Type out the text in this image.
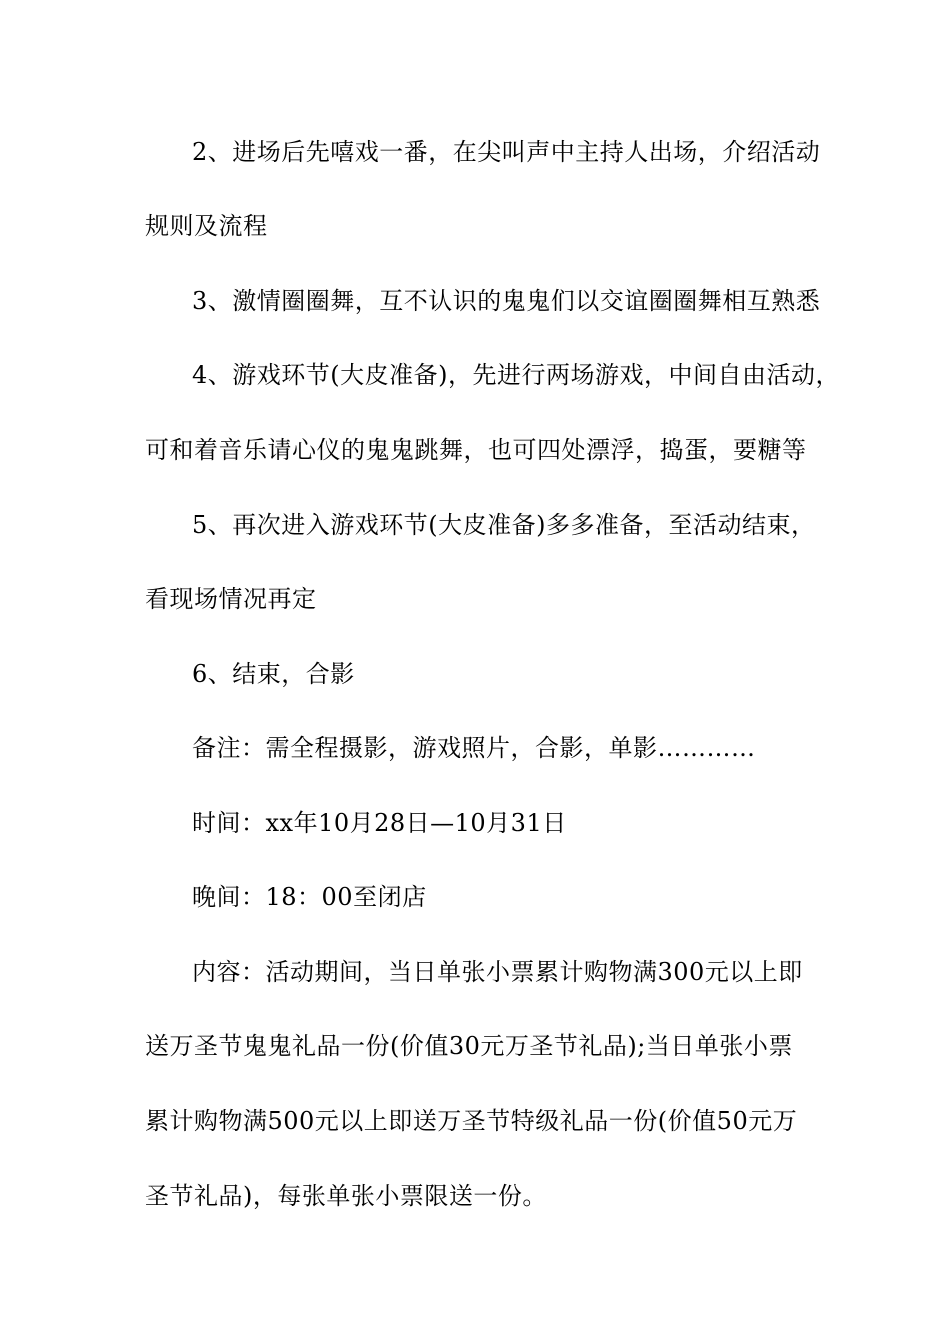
2、进场后先嘻戏一番，在尖叫声中主持人出场，介绍活动
规则及流程
3、激情圈圈舞，互不认识的鬼鬼们以交谊圈圈舞相互熟悉
4、游戏环节(大皮准备)，先进行两场游戏，中间自由活动，
可和着音乐请心仪的鬼鬼跳舞，也可四处漂浮，捣蛋，要糖等
5、再次进入游戏环节(大皮准备)多多准备，至活动结束，
看现场情况再定
6、结束，合影
备注：需全程摄影，游戏照片，合影，单影…………
时间：xx年10月28日—10月31日
晚间：18：00至闭店
内容：活动期间，当日单张小票累计购物满300元以上即
送万圣节鬼鬼礼品一份(价值30元万圣节礼品);当日单张小票
累计购物满500元以上即送万圣节特级礼品一份(价值50元万
圣节礼品)，每张单张小票限送一份。
